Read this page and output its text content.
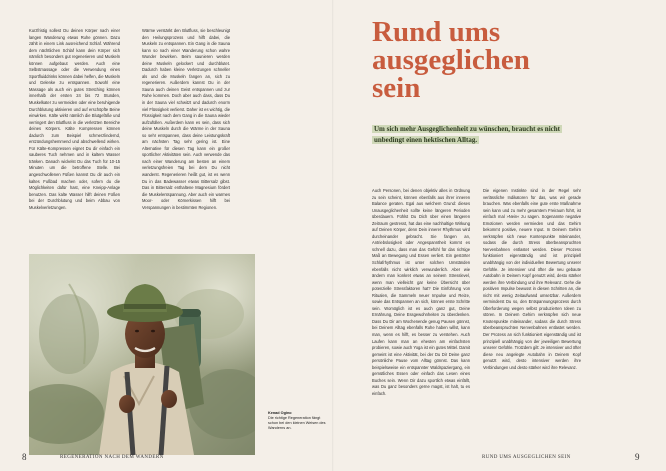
Kurzfristig sollest Du deinen Körper nach einer langen Wanderung etwas Ruhe gönnen. Dazu zählt in einem Link ausreichend Schlaf. Während dem nächtlichen Schlaf kann dein Körper sich nämlich besonders gut regenerieren und Muskeln können aufgebaut werden. Auch eine Selbstmassage oder die Verwendung eines Sportfluiddrinks können dabei helfen, die Muskeln und Gelenke zu entspannen. Sowohl eine Massage als auch ein gutes Stretching können innerhalb der ersten 24 bis 72 Stunden, Muskelkater zu vermeiden oder eine beruhigende Durchblutung aktivieren und auf erschöpfte Beine einwirken. Kälte wirkt nämlich die Blutgefäße und verringert den Blutfluss in die verletzten Bereiche deines Körpers. Kälte Kompressen können dadurch zum Beispiel schmerzlindernd, entzündungshemmend und abschwellend wirken. Für Kälte-Kompressen eignet Du dir einfach ein sauberes Tuch nehmen und in kaltem Wasser tränken. Danach wickelst Du das Tuch für 10-15 Minuten um die betroffene Stelle. Bei angeschwollenen Füßen kannst Du dir auch ein kaltes Fußbad machen oder, sofern du die Möglichkeiten dafür hast, eine Kneipp-Anlage benutzen. Das kalte Wasser hilft deinen Füßen bei der Durchblutung und beim Abbau von Muskelverletzungen.

Wärme verstärkt den Blutfluss, sie beschleunigt den Heilungsprozess und hilft dabei, die Muskeln zu entspannen. Ein Gang in die Sauna kann so nach einer Wanderung schon wahre Wunder bewirken. Beim saunieren werden deine Muskeln gelockert und durchblutet. Dadurch haben kleine Verletzungen schneller als und die Muskeln fangen an, sich zu regenerieren. Außerdem kannst Du in der Sauna auch deinen Geist entspannen und zur Ruhe kommen. Doch aber auch dass, dass Du in der Sauna viel schwitzt und dadurch enorm viel Flüssigkeit verlierst. Daher ist es wichtig, die Flüssigkeit nach dem Gang in die Sauna wieder aufzufüllen. Außerdem kann es sein, dass sich deine Muskeln durch die Wärme in der Sauna so sehr entspannen, dass deine Leistungskraft am nächsten Tag sehr gering ist. Eine Alternative für diesen Tag kann ein großer sportlicher Aktivitäten sein. Auch verwende das nach einer Wanderung am besten an einem verletzungsfreien Tag bei dem Du nicht wanderst. Regenerieren heißt gut, ist es wenn Du in das Badewasser etwas Bittersalz gibst. Das in Bittersalz enthaltene Magnesium fördert die Muskelentspannung. Aber auch ein warmes Moor- oder Körnerkissen hilft bei Verspannungen in bestimmten Regionen.

Kenad Ogino
Die richtige Regeneration fängt schon bei den kleinen Weisen des Wanderns an.

Rund ums
ausgeglichen
sein

Um sich mehr Ausgeglichenheit zu wünschen, braucht es nicht unbedingt einen hektischen Alltag.

Auch Personen, bei denen objektiv alles in Ordnung zu sein scheint, können ebenfalls aus ihrer inneren Balance geraten. Egal aus welchem Grund: dieses Unausgeglichenheit sollte keine längeren Perioden überdauern. Fühlst Du Dich über einen längeren Zeitraum gestresst, hat das eine nachhaltige Wirkung auf Deinen Körper, denn Dein innerer Rhythmus wird durcheinander gebracht. Sie fangen an, Antriebslosigkeit oder Angespanntheit kommt es schnell dazu, dass man das Gefühl für das richtige Maß an Bewegung und Essen verliert. Ein gestörter Schlafrhythmus ist unter solchen Umständen ebenfalls nicht wirklich verwunderlich. Aber wie ändern man konkret etwas an seinem Stresslevel, wenn man vielleicht gar keine Übersicht über potenzielle Stressfaktoren hat? Die Einführung von Ritualen, die Sammeln neuer Impulse und Reize, sowie das Entspannen an sich, können erste Schritte sein. Womöglich ist es auch ganz gut, Deine Ernährung, Deine Essgewohnheiten zu überdenken. Dass Du Dir am Wochenende genug Pausen gönnst, bei Deinem Alltag ebenfalls Ruhe haben willst, kann man, wenn es hilft, es besser zu verstehen. Auch Laufen kann man an ehesten am einfachsten probieren, sowie auch Yoga ist ein gutes Mittel. Damit gemeint ist eine Aktivität, bei der Du Dir Deine ganz persönliche Pause vom Alltag gönnst. Das kann beispielsweise ein entspannter Waldspaziergang, ein gemütliches Essen oder einfach das Lesen eines Buches sein. Wenn Dir dazu sportlich etwas einfällt, was Du ganz besonders gerne magst, ist halt, tu es einfach.

Die eigenen Instinkte sind in der Regel sehr verlässliche Indikatoren für das, was wir gerade brauchen. Was ebenfalls eine gute erste Maßnahme sein kann und zu mehr gesamtem Freiraum führt, ist einfach mal »Nein« zu sagen. Sogenannte negative Emotionen werden vermieden und das Gehirn bekommt positive, neuere Input. In Deinem Gehirn verknüpfen sich neue Kontenpunkte miteinander, sodass die durch Stress überbeanspruchten Nervenbahnen entlastet werden. Dieser Prozess funktioniert eigenständig und ist prinzipiell unabhängig von der individuellen Bewertung unserer Gefühle. Je intensiver und öfter die neu gebaute Autobahn in Deinem Kopf genutzt wird, desto stärker werden ihre Verbindung und ihre Relevanz. Gehe die positiven Impulse bewusst in diesen Schritten an, die nicht mit wenig Zeitaufwand umsetzbar. Außerdem verminderst Du so, den Entspannungsprozess durch Überforderung wegen selbst produzierten Ideen zu stören. In Deinem Gehirn verknüpfen sich neue Knotenpunkte miteinander, sodass die durch Stress überbeanspruchten Nervenbahnen entlastet werden. Der Prozess an sich funktioniert eigenständig und ist prinzipiell unabhängig von der jeweiligen Bewertung unserer Gefühle. Trotzdem gilt: Je intensiver und öfter diese neu angelegte Autobahn in Deinem Kopf genutzt wird, desto intensiver werden ihre Verbindungen und desto stärker wird ihre Relevanz.

8	REGENERATION NACH DEM WANDERN	RUND UMS AUSGEGLICHEN SEIN	9
